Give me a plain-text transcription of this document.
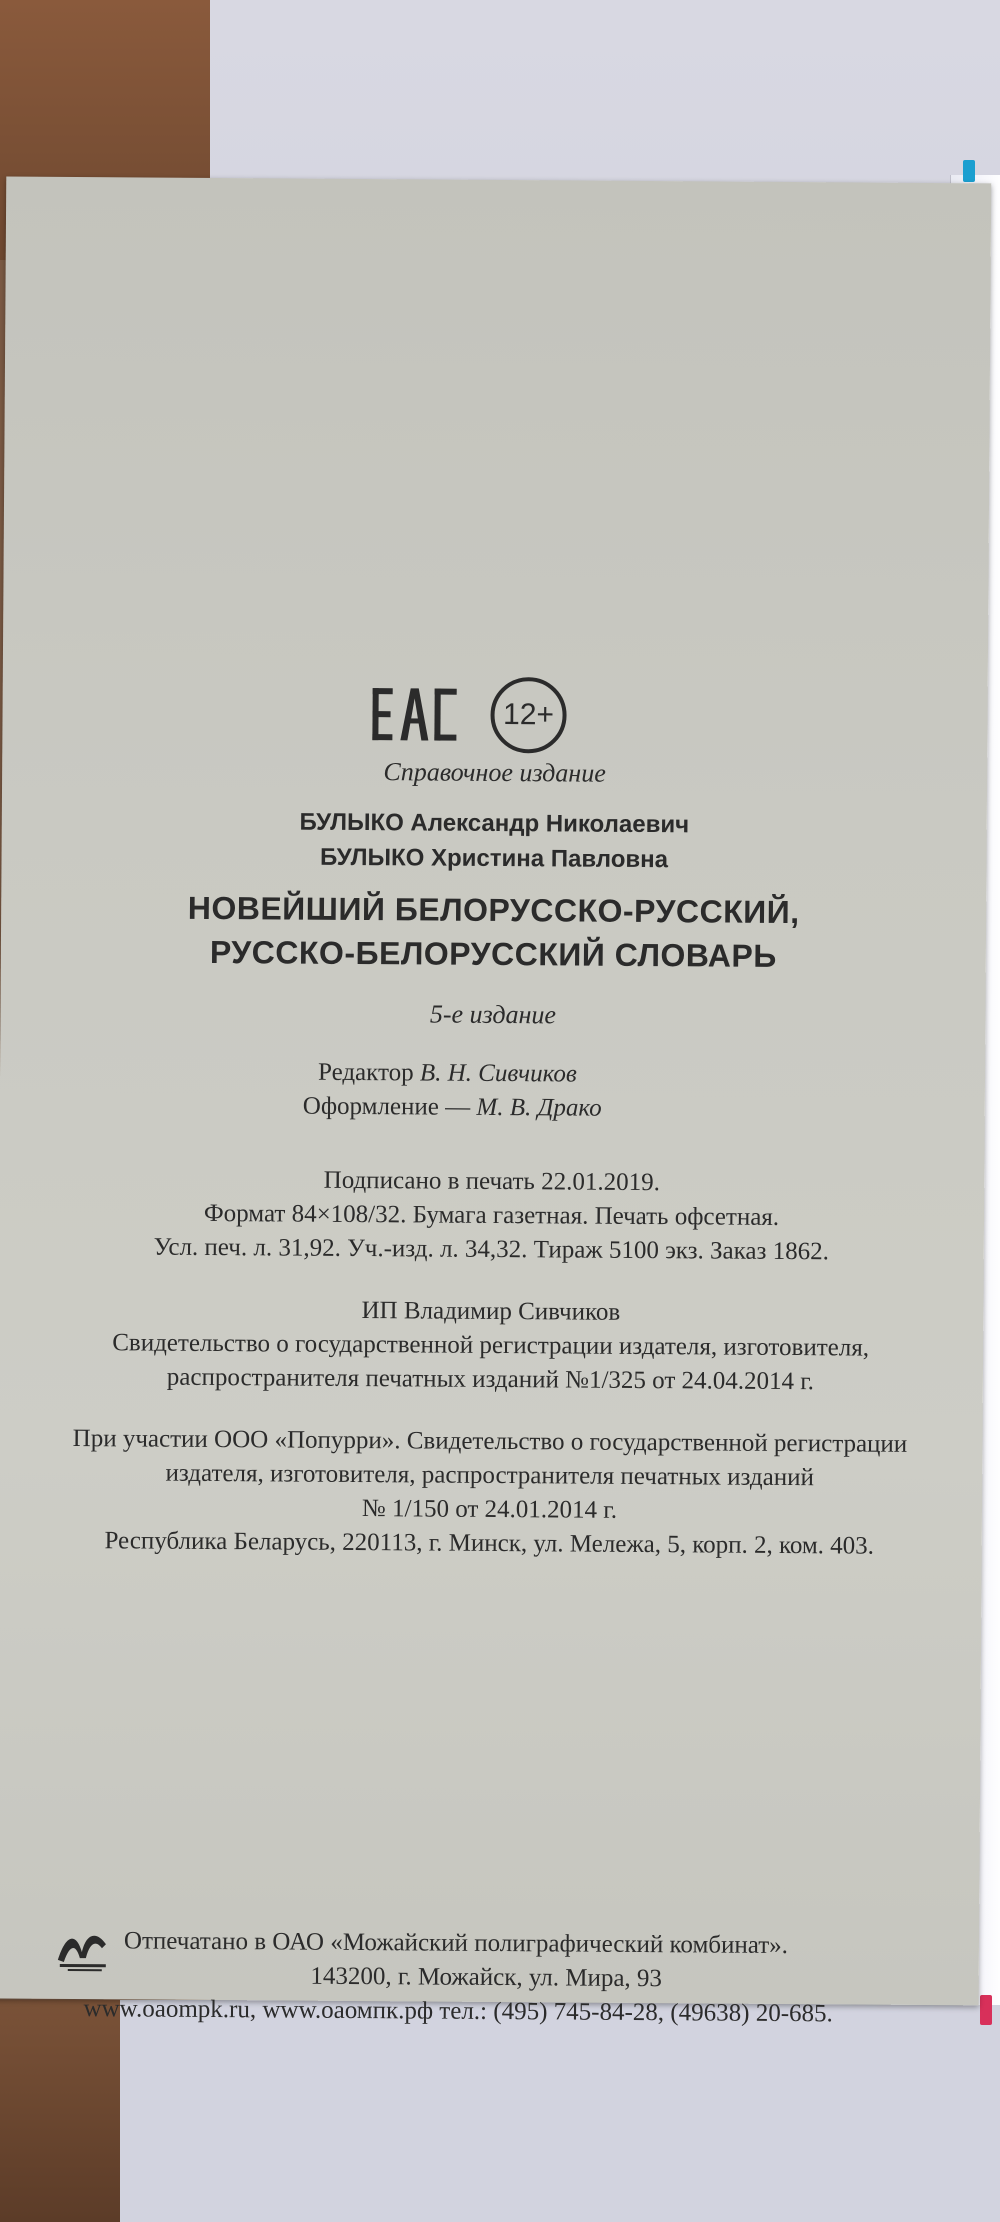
12+
Справочное издание
БУЛЫКО Александр Николаевич
БУЛЫКО Христина Павловна
НОВЕЙШИЙ БЕЛОРУССКО-РУССКИЙ,
РУССКО-БЕЛОРУССКИЙ СЛОВАРЬ
5-е издание
Редактор В. Н. Сивчиков
Оформление — М. В. Драко
Подписано в печать 22.01.2019.
Формат 84×108/32. Бумага газетная. Печать офсетная.
Усл. печ. л. 31,92. Уч.-изд. л. 34,32. Тираж 5100 экз. Заказ 1862.
ИП Владимир Сивчиков
Свидетельство о государственной регистрации издателя, изготовителя,
распространителя печатных изданий №1/325 от 24.04.2014 г.
При участии ООО «Попурри». Свидетельство о государственной регистрации
издателя, изготовителя, распространителя печатных изданий
№ 1/150 от 24.01.2014 г.
Республика Беларусь, 220113, г. Минск, ул. Мележа, 5, корп. 2, ком. 403.
Отпечатано в ОАО «Можайский полиграфический комбинат».
143200, г. Можайск, ул. Мира, 93
www.oaompk.ru, www.оаомпк.рф тел.: (495) 745-84-28, (49638) 20-685.
